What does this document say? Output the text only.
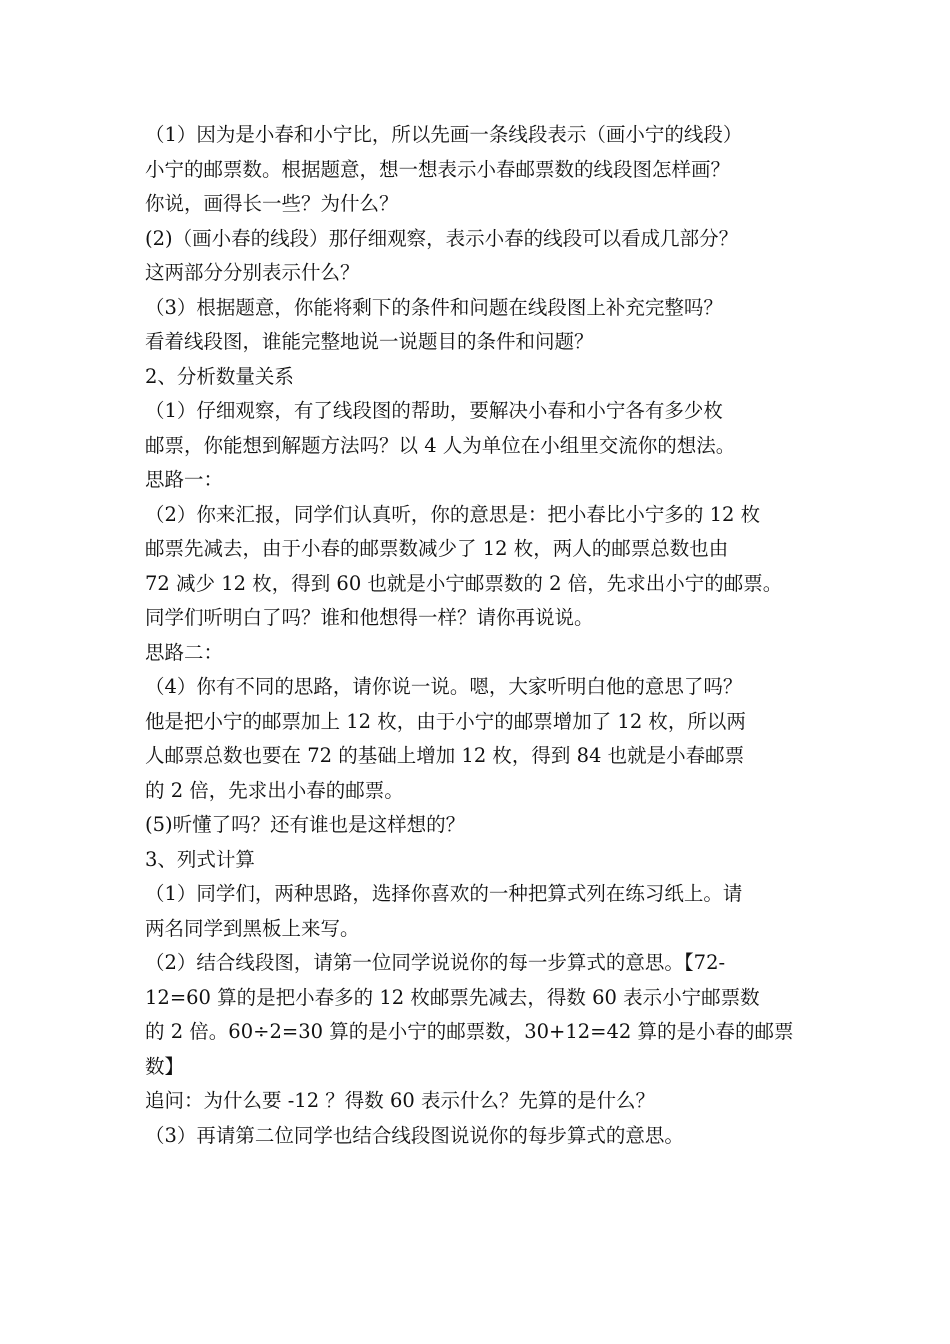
（1）因为是小春和小宁比，所以先画一条线段表示（画小宁的线段）
小宁的邮票数。根据题意，想一想表示小春邮票数的线段图怎样画？
你说，画得长一些？为什么？
(2)（画小春的线段）那仔细观察，表示小春的线段可以看成几部分？
这两部分分别表示什么？
（3）根据题意，你能将剩下的条件和问题在线段图上补充完整吗？
看着线段图，谁能完整地说一说题目的条件和问题？
2、分析数量关系
（1）仔细观察，有了线段图的帮助，要解决小春和小宁各有多少枚
邮票，你能想到解题方法吗？以 4 人为单位在小组里交流你的想法。
思路一：
（2）你来汇报，同学们认真听，你的意思是：把小春比小宁多的 12 枚
邮票先减去，由于小春的邮票数减少了 12 枚，两人的邮票总数也由
72 减少 12 枚，得到 60 也就是小宁邮票数的 2 倍，先求出小宁的邮票。
同学们听明白了吗？谁和他想得一样？请你再说说。
思路二：
（4）你有不同的思路，请你说一说。嗯，大家听明白他的意思了吗？
他是把小宁的邮票加上 12 枚，由于小宁的邮票增加了 12 枚，所以两
人邮票总数也要在 72 的基础上增加 12 枚，得到 84 也就是小春邮票
的 2 倍，先求出小春的邮票。
(5)听懂了吗？还有谁也是这样想的？
3、列式计算
（1）同学们，两种思路，选择你喜欢的一种把算式列在练习纸上。请
两名同学到黑板上来写。
（2）结合线段图，请第一位同学说说你的每一步算式的意思。【72-
12=60 算的是把小春多的 12 枚邮票先减去，得数 60 表示小宁邮票数
的 2 倍。60÷2=30 算的是小宁的邮票数，30+12=42 算的是小春的邮票
数】
追问：为什么要 -12 ？得数 60 表示什么？先算的是什么？
（3）再请第二位同学也结合线段图说说你的每步算式的意思。
